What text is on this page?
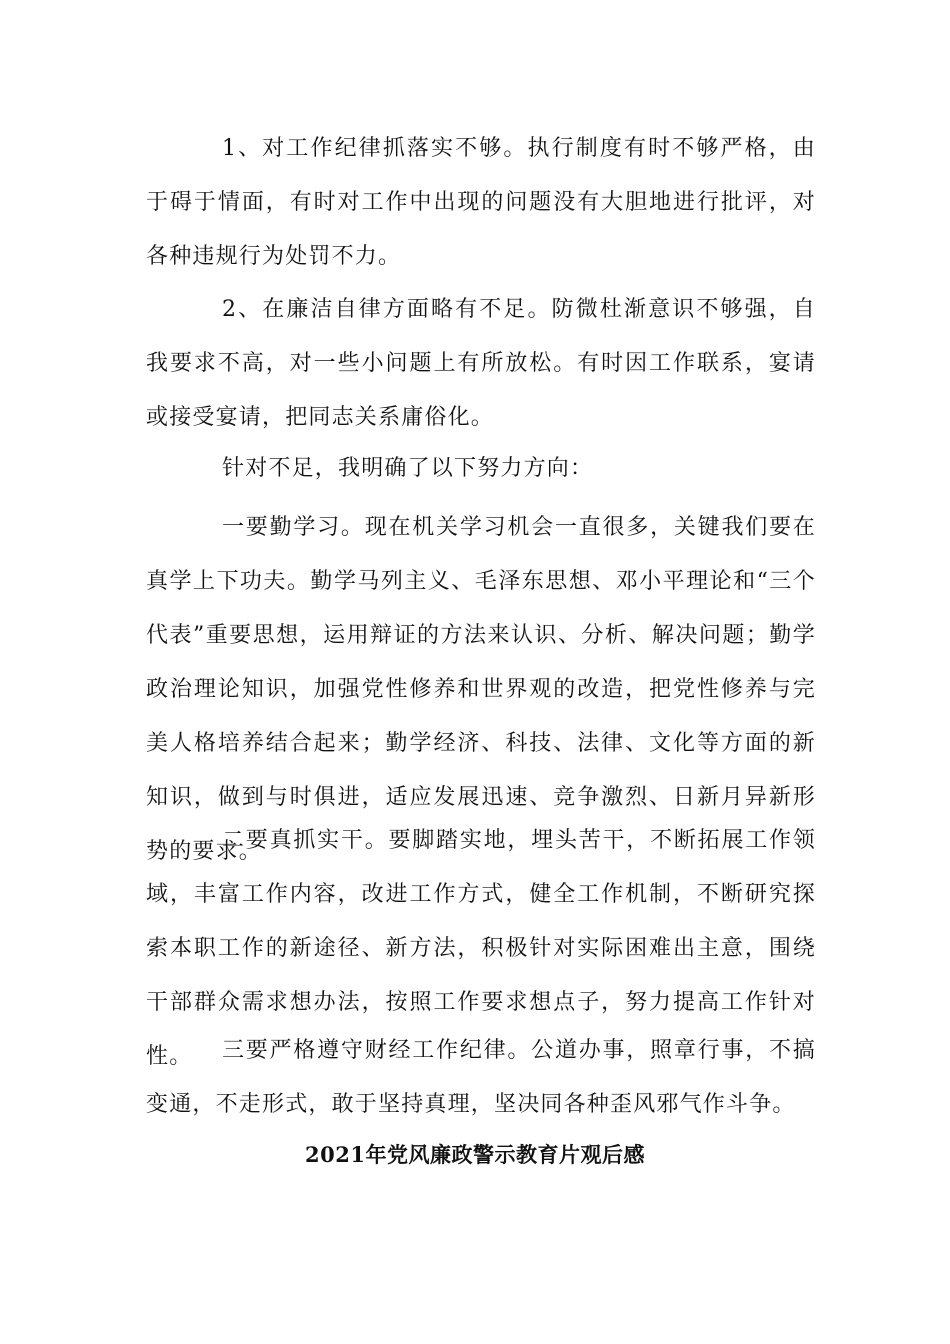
1、对工作纪律抓落实不够。执行制度有时不够严格，由于碍于情面，有时对工作中出现的问题没有大胆地进行批评，对各种违规行为处罚不力。

2、在廉洁自律方面略有不足。防微杜渐意识不够强，自我要求不高，对一些小问题上有所放松。有时因工作联系，宴请或接受宴请，把同志关系庸俗化。

针对不足，我明确了以下努力方向：

一要勤学习。现在机关学习机会一直很多，关键我们要在真学上下功夫。勤学马列主义、毛泽东思想、邓小平理论和“三个代表”重要思想，运用辩证的方法来认识、分析、解决问题；勤学政治理论知识，加强党性修养和世界观的改造，把党性修养与完美人格培养结合起来；勤学经济、科技、法律、文化等方面的新知识，做到与时俱进，适应发展迅速、竞争激烈、日新月异新形势的要求。

二要真抓实干。要脚踏实地，埋头苦干，不断拓展工作领域，丰富工作内容，改进工作方式，健全工作机制，不断研究探索本职工作的新途径、新方法，积极针对实际困难出主意，围绕干部群众需求想办法，按照工作要求想点子，努力提高工作针对性。	三要严格遵守财经工作纪律。公道办事，照章行事，不搞变通，不走形式，敢于坚持真理，坚决同各种歪风邪气作斗争。

2021年党风廉政警示教育片观后感
